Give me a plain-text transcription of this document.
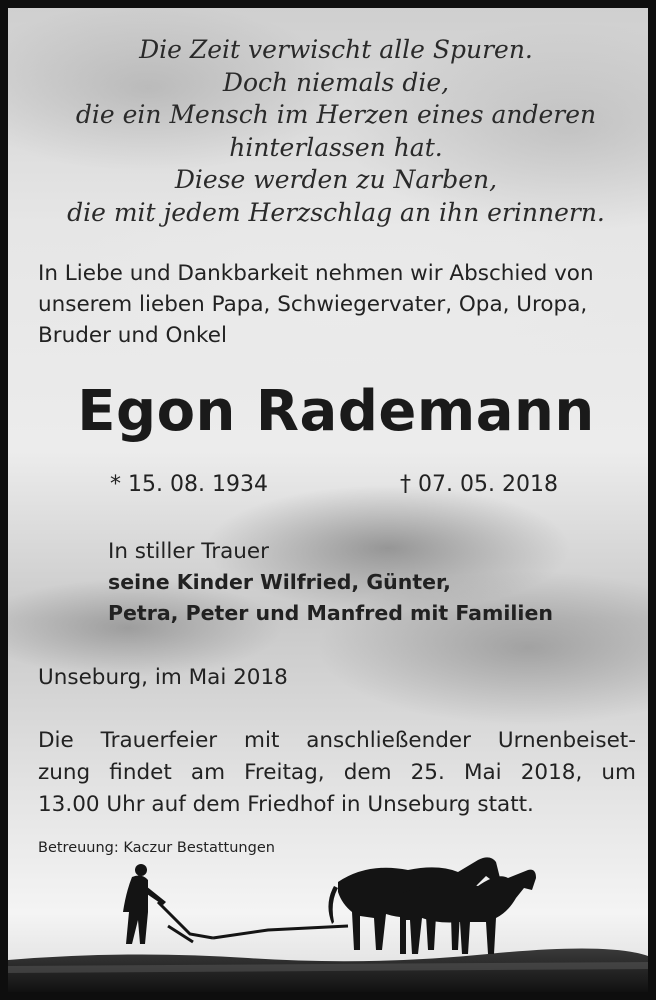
Die Zeit verwischt alle Spuren.
Doch niemals die,
die ein Mensch im Herzen eines anderen
hinterlassen hat.
Diese werden zu Narben,
die mit jedem Herzschlag an ihn erinnern.

In Liebe und Dankbarkeit nehmen wir Abschied von unserem lieben Papa, Schwiegervater, Opa, Uropa, Bruder und Onkel

Egon Rademann
* 15. 08. 1934	† 07. 05. 2018
In stiller Trauer
seine Kinder Wilfried, Günter,
Petra, Peter und Manfred mit Familien
Unseburg, im Mai 2018
Die Trauerfeier mit anschließender Urnenbeiset-
zung findet am Freitag, dem 25. Mai 2018, um
13.00 Uhr auf dem Friedhof in Unseburg statt.
Betreuung: Kaczur Bestattungen
